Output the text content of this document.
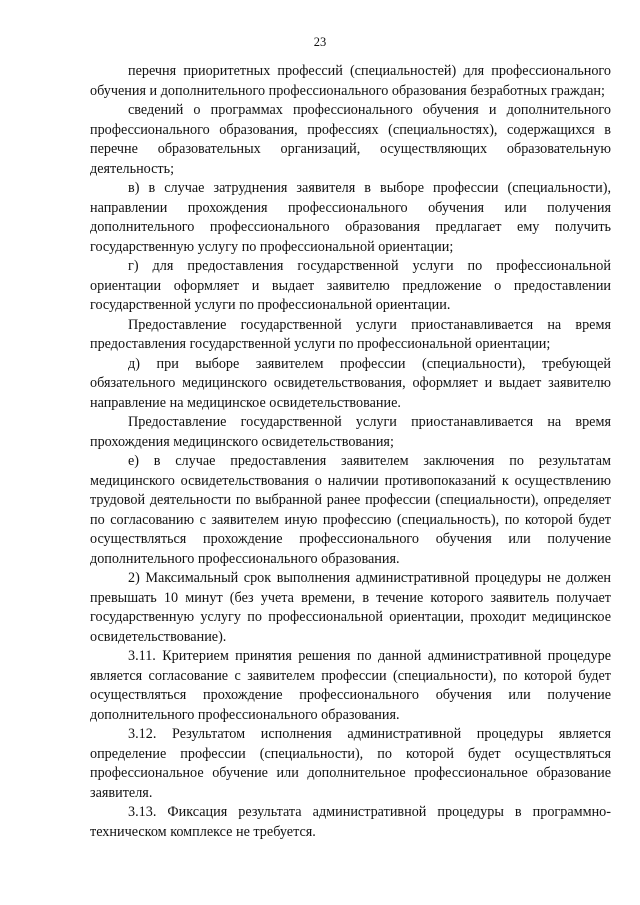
23

перечня приоритетных профессий (специальностей) для профессионального обучения и дополнительного профессионального образования безработных граждан;

сведений о программах профессионального обучения и дополнительного профессионального образования, профессиях (специальностях), содержащихся в перечне образовательных организаций, осуществляющих образовательную деятельность;

в) в случае затруднения заявителя в выборе профессии (специальности), направлении прохождения профессионального обучения или получения дополнительного профессионального образования предлагает ему получить государственную услугу по профессиональной ориентации;

г) для предоставления государственной услуги по профессиональной ориентации оформляет и выдает заявителю предложение о предоставлении государственной услуги по профессиональной ориентации.

Предоставление государственной услуги приостанавливается на время предоставления государственной услуги по профессиональной ориентации;

д) при выборе заявителем профессии (специальности), требующей обязательного медицинского освидетельствования, оформляет и выдает заявителю направление на медицинское освидетельствование.

Предоставление государственной услуги приостанавливается на время прохождения медицинского освидетельствования;

е) в случае предоставления заявителем заключения по результатам медицинского освидетельствования о наличии противопоказаний к осуществлению трудовой деятельности по выбранной ранее профессии (специальности), определяет по согласованию с заявителем иную профессию (специальность), по которой будет осуществляться прохождение профессионального обучения или получение дополнительного профессионального образования.

2) Максимальный срок выполнения административной процедуры не должен превышать 10 минут (без учета времени, в течение которого заявитель получает государственную услугу по профессиональной ориентации, проходит медицинское освидетельствование).

3.11. Критерием принятия решения по данной административной процедуре является согласование с заявителем профессии (специальности), по которой будет осуществляться прохождение профессионального обучения или получение дополнительного профессионального образования.

3.12. Результатом исполнения административной процедуры является определение профессии (специальности), по которой будет осуществляться профессиональное обучение или дополнительное профессиональное образование заявителя.

3.13. Фиксация результата административной процедуры в программно-техническом комплексе не требуется.
